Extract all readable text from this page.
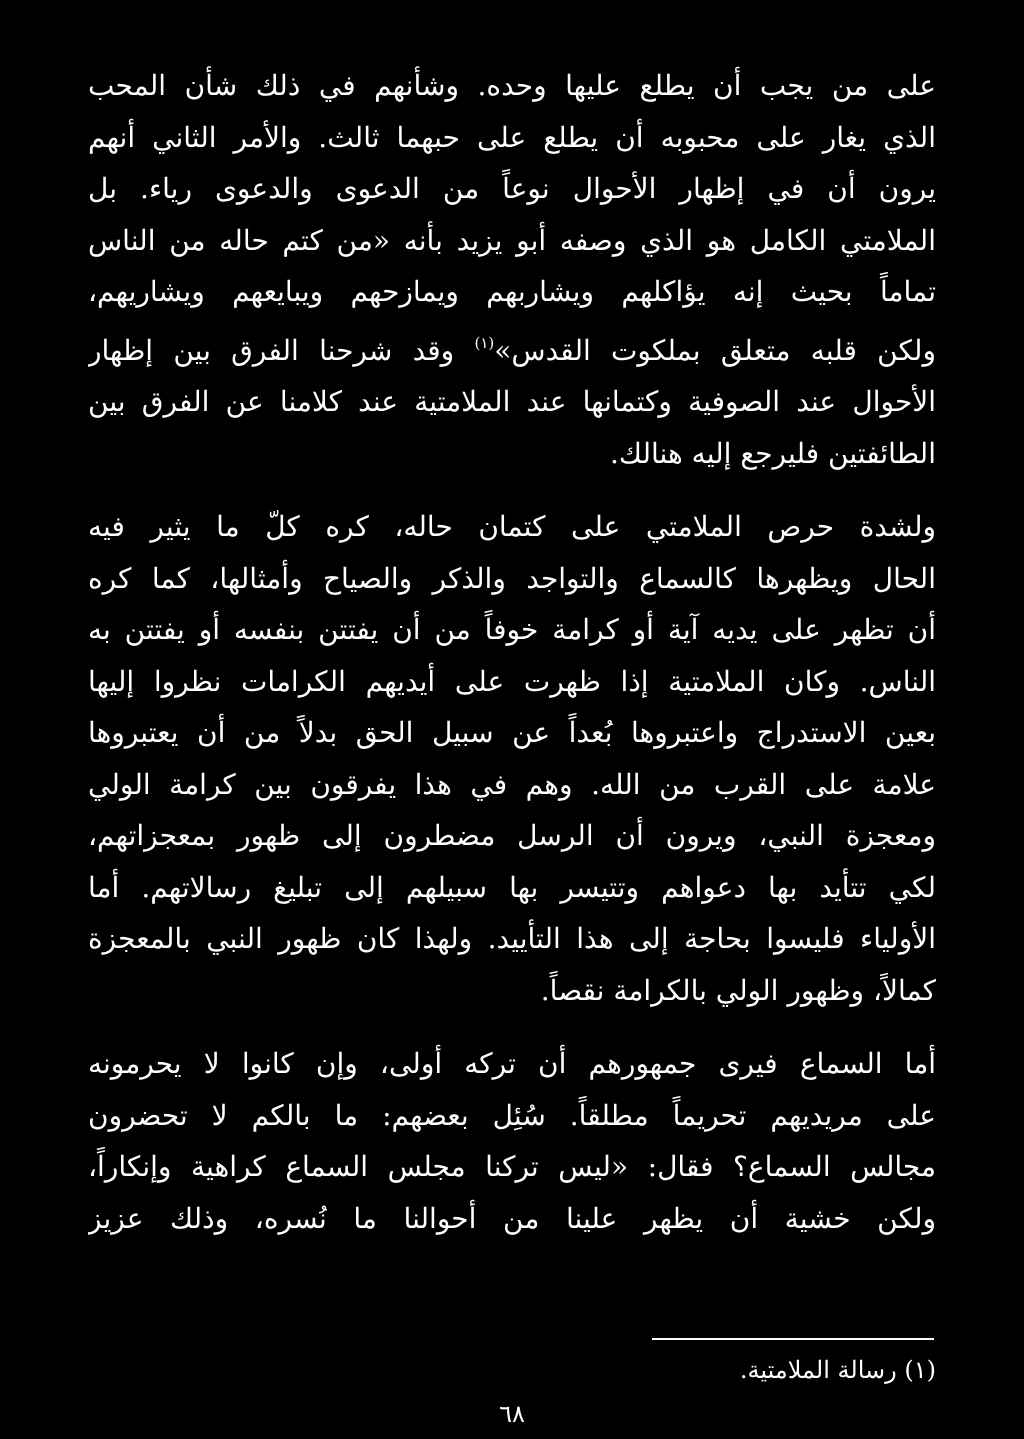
على من يجب أن يطلع عليها وحده. وشأنهم في ذلك شأن المحب
الذي يغار على محبوبه أن يطلع على حبهما ثالث. والأمر الثاني أنهم
يرون أن في إظهار الأحوال نوعاً من الدعوى والدعوى رياء. بل
الملامتي الكامل هو الذي وصفه أبو يزيد بأنه «من كتم حاله من الناس
تماماً بحيث إنه يؤاكلهم ويشاربهم ويمازحهم ويبايعهم ويشاريهم،
ولكن قلبه متعلق بملكوت القدس»$^{(١)}$ وقد شرحنا الفرق بين إظهار
الأحوال عند الصوفية وكتمانها عند الملامتية عند كلامنا عن الفرق بين
الطائفتين فليرجع إليه هنالك.
ولشدة حرص الملامتي على كتمان حاله، كره كلّ ما يثير فيه
الحال ويظهرها كالسماع والتواجد والذكر والصياح وأمثالها، كما كره
أن تظهر على يديه آية أو كرامة خوفاً من أن يفتتن بنفسه أو يفتتن به
الناس. وكان الملامتية إذا ظهرت على أيديهم الكرامات نظروا إليها
بعين الاستدراج واعتبروها بُعداً عن سبيل الحق بدلاً من أن يعتبروها
علامة على القرب من الله. وهم في هذا يفرقون بين كرامة الولي
ومعجزة النبي، ويرون أن الرسل مضطرون إلى ظهور بمعجزاتهم،
لكي تتأيد بها دعواهم وتتيسر بها سبيلهم إلى تبليغ رسالاتهم. أما
الأولياء فليسوا بحاجة إلى هذا التأييد. ولهذا كان ظهور النبي بالمعجزة
كمالاً، وظهور الولي بالكرامة نقصاً.
أما السماع فيرى جمهورهم أن تركه أولى، وإن كانوا لا يحرمونه
على مريديهم تحريماً مطلقاً. سُئِل بعضهم: ما بالكم لا تحضرون
مجالس السماع؟ فقال: «ليس تركنا مجلس السماع كراهية وإنكاراً،
ولكن خشية أن يظهر علينا من أحوالنا ما نُسره، وذلك عزيز
(١) رسالة الملامتية.
٦٨
